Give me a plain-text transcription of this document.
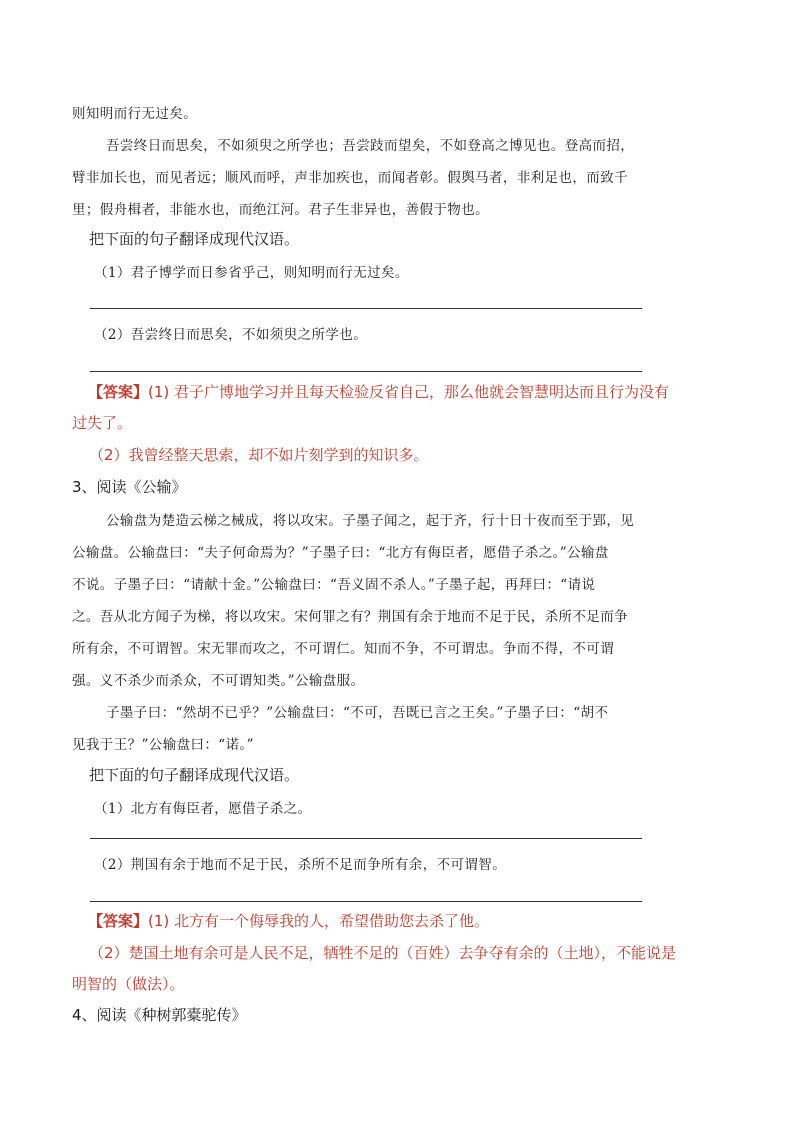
则知明而行无过矣。
吾尝终日而思矣，不如须臾之所学也；吾尝跂而望矣，不如登高之博见也。登高而招，
臂非加长也，而见者远；顺风而呼，声非加疾也，而闻者彰。假舆马者，非利足也，而致千
里；假舟楫者，非能水也，而绝江河。君子生非异也，善假于物也。
把下面的句子翻译成现代汉语。
（1）君子博学而日参省乎己，则知明而行无过矣。
（2）吾尝终日而思矣，不如须臾之所学也。
【答案】(1) 君子广博地学习并且每天检验反省自己，那么他就会智慧明达而且行为没有
过失了。
（2）我曾经整天思索，却不如片刻学到的知识多。
3、阅读《公输》
公输盘为楚造云梯之械成，将以攻宋。子墨子闻之，起于齐，行十日十夜而至于郢，见
公输盘。公输盘曰：“夫子何命焉为？”子墨子曰：“北方有侮臣者，愿借子杀之。”公输盘
不说。子墨子曰：“请献十金。”公输盘曰：“吾义固不杀人。”子墨子起，再拜曰：“请说
之。吾从北方闻子为梯，将以攻宋。宋何罪之有？荆国有余于地而不足于民，杀所不足而争
所有余，不可谓智。宋无罪而攻之，不可谓仁。知而不争，不可谓忠。争而不得，不可谓
强。义不杀少而杀众，不可谓知类。”公输盘服。
子墨子曰：“然胡不已乎？”公输盘曰：“不可，吾既已言之王矣。”子墨子曰：“胡不
见我于王？”公输盘曰：“诺。”
把下面的句子翻译成现代汉语。
（1）北方有侮臣者，愿借子杀之。
（2）荆国有余于地而不足于民，杀所不足而争所有余，不可谓智。
【答案】(1) 北方有一个侮辱我的人，希望借助您去杀了他。
（2）楚国土地有余可是人民不足，牺牲不足的（百姓）去争夺有余的（土地），不能说是
明智的（做法）。
4、阅读《种树郭橐驼传》
